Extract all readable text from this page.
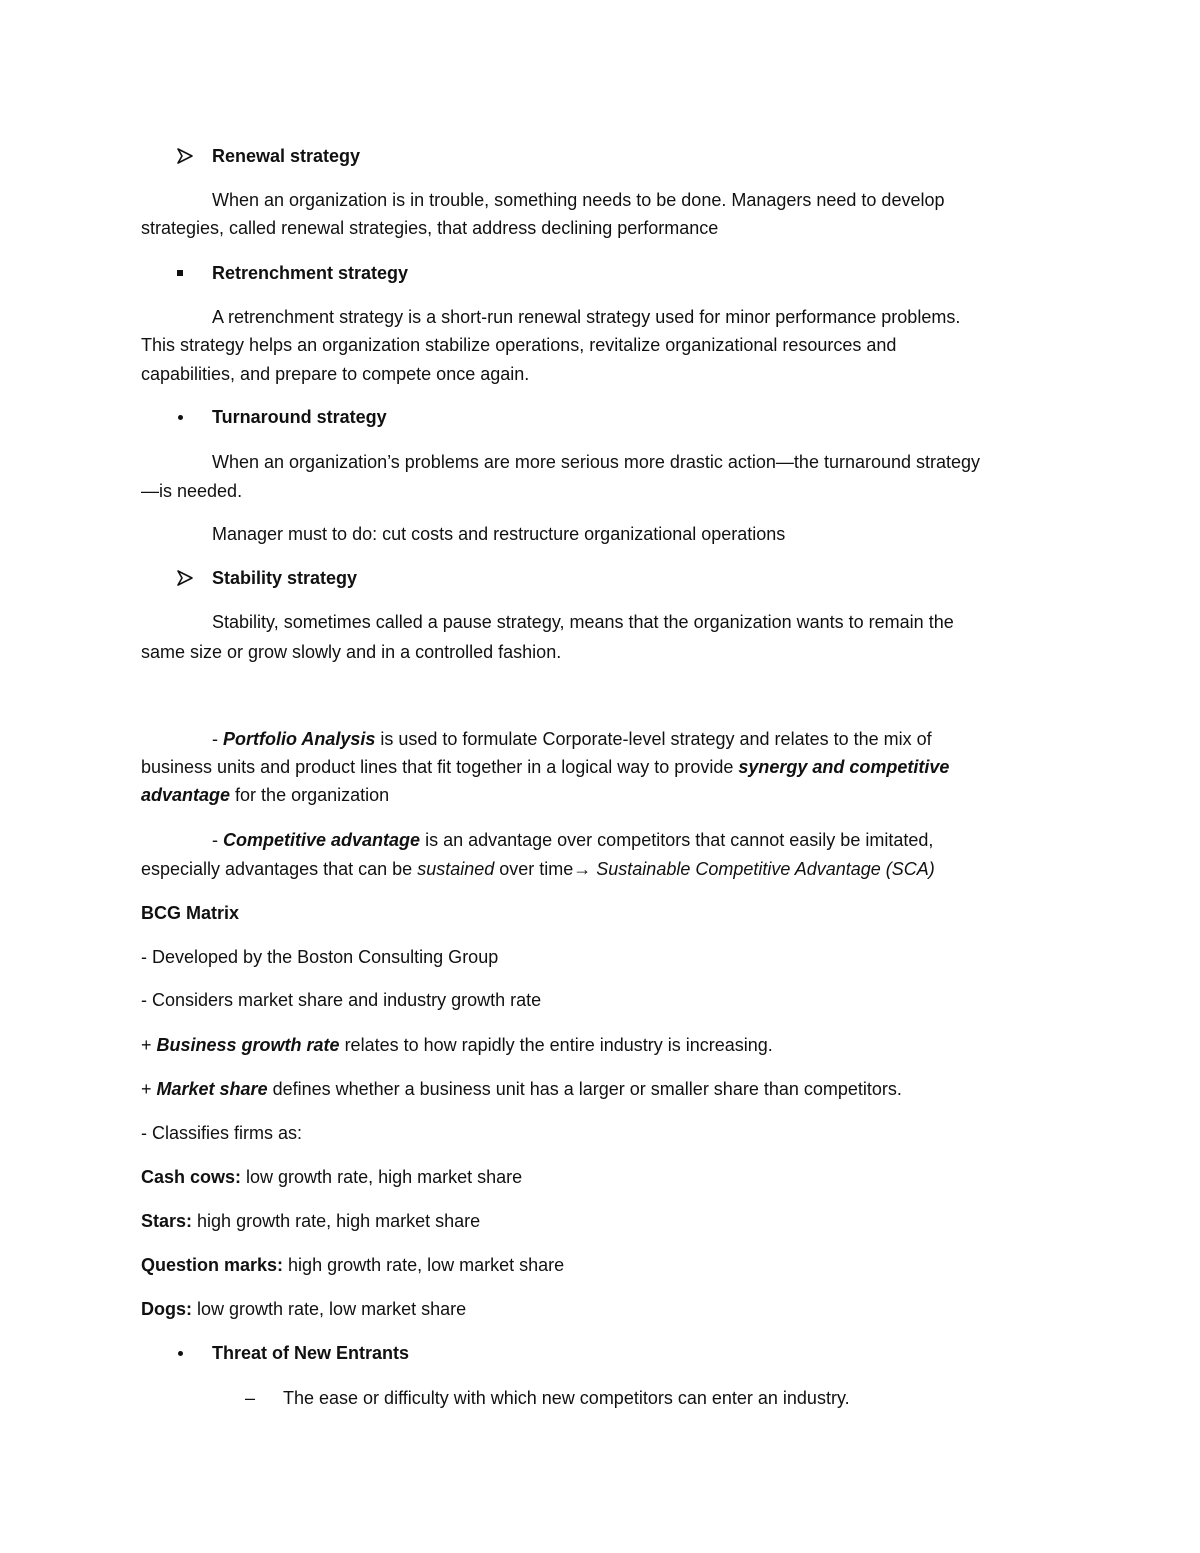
Renewal strategy
When an organization is in trouble, something needs to be done. Managers need to develop
strategies, called renewal strategies, that address declining performance
Retrenchment strategy
A retrenchment strategy is a short-run renewal strategy used for minor performance problems.
This strategy helps an organization stabilize operations, revitalize organizational resources and
capabilities, and prepare to compete once again.
Turnaround strategy
When an organization’s problems are more serious more drastic action—the turnaround strategy
—is needed.
Manager must to do: cut costs and restructure organizational operations
Stability strategy
Stability, sometimes called a pause strategy, means that the organization wants to remain the
same size or grow slowly and in a controlled fashion.
- Portfolio Analysis is used to formulate Corporate-level strategy and relates to the mix of
business units and product lines that fit together in a logical way to provide synergy and competitive
advantage for the organization
- Competitive advantage is an advantage over competitors that cannot easily be imitated,
especially advantages that can be sustained over time→ Sustainable Competitive Advantage (SCA)
BCG Matrix
- Developed by the Boston Consulting Group
- Considers market share and industry growth rate
+ Business growth rate relates to how rapidly the entire industry is increasing.
+ Market share defines whether a business unit has a larger or smaller share than competitors.
- Classifies firms as:
Cash cows: low growth rate, high market share
Stars: high growth rate, high market share
Question marks: high growth rate, low market share
Dogs: low growth rate, low market share
Threat of New Entrants
– The ease or difficulty with which new competitors can enter an industry.
